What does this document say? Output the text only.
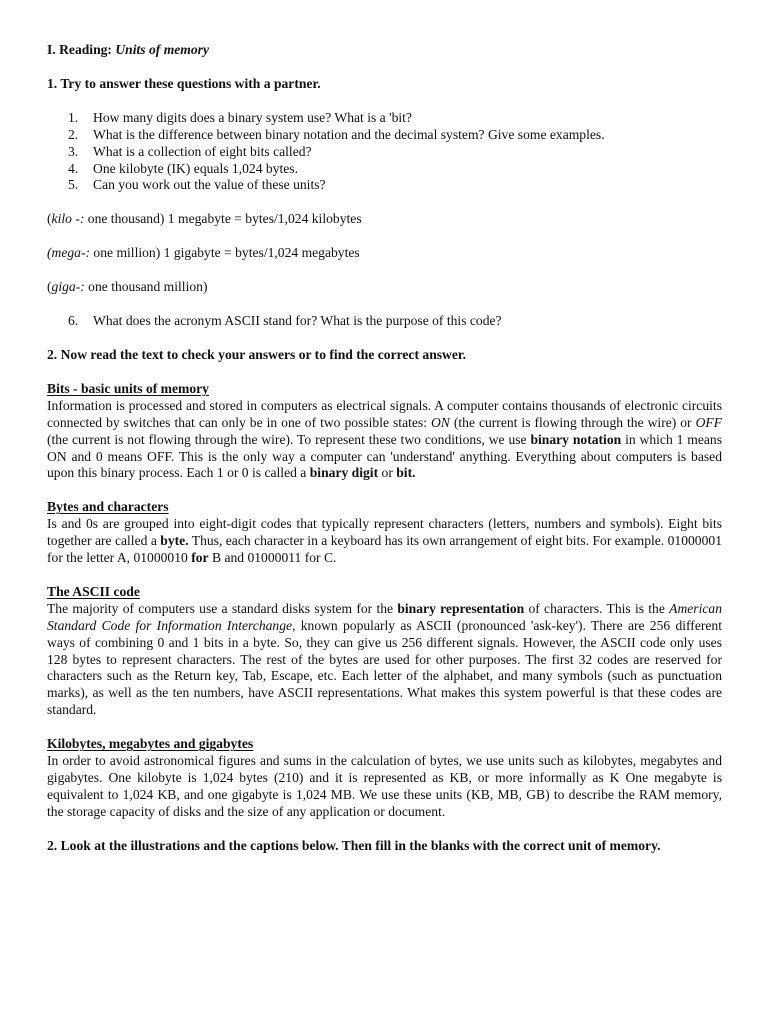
I. Reading: Units of memory

1. Try to answer these questions with a partner.

1.	How many digits does a binary system use? What is a 'bit?
2.	What is the difference between binary notation and the decimal system? Give some examples.
3.	What is a collection of eight bits called?
4.	One kilobyte (IK) equals 1,024 bytes.
5.	Can you work out the value of these units?

(kilo -: one thousand) 1 megabyte = bytes/1,024 kilobytes

(mega-: one million) 1 gigabyte = bytes/1,024 megabytes

(giga-: one thousand million)

6.	What does the acronym ASCII stand for? What is the purpose of this code?

2. Now read the text to check your answers or to find the correct answer.

Bits - basic units of memory

Information is processed and stored in computers as electrical signals. A computer contains thousands of electronic circuits connected by switches that can only be in one of two possible states: ON (the current is flowing through the wire) or OFF (the current is not flowing through the wire). To represent these two conditions, we use binary notation in which 1 means ON and 0 means OFF. This is the only way a computer can 'understand' anything. Everything about computers is based upon this binary process. Each 1 or 0 is called a binary digit or bit.

Bytes and characters

Is and 0s are grouped into eight-digit codes that typically represent characters (letters, numbers and symbols). Eight bits together are called a byte. Thus, each character in a keyboard has its own arrangement of eight bits. For example. 01000001 for the letter A, 01000010 for B and 01000011 for C.

The ASCII code

The majority of computers use a standard disks system for the binary representation of characters. This is the American Standard Code for Information Interchange, known popularly as ASCII (pronounced 'ask-key'). There are 256 different ways of combining 0 and 1 bits in a byte. So, they can give us 256 different signals. However, the ASCII code only uses 128 bytes to represent characters. The rest of the bytes are used for other purposes. The first 32 codes are reserved for characters such as the Return key, Tab, Escape, etc. Each letter of the alphabet, and many symbols (such as punctuation marks), as well as the ten numbers, have ASCII representations. What makes this system powerful is that these codes are standard.

Kilobytes, megabytes and gigabytes

In order to avoid astronomical figures and sums in the calculation of bytes, we use units such as kilobytes, megabytes and gigabytes. One kilobyte is 1,024 bytes (210) and it is represented as KB, or more informally as K One megabyte is equivalent to 1,024 KB, and one gigabyte is 1,024 MB. We use these units (KB, MB, GB) to describe the RAM memory, the storage capacity of disks and the size of any application or document.

2. Look at the illustrations and the captions below. Then fill in the blanks with the correct unit of memory.
